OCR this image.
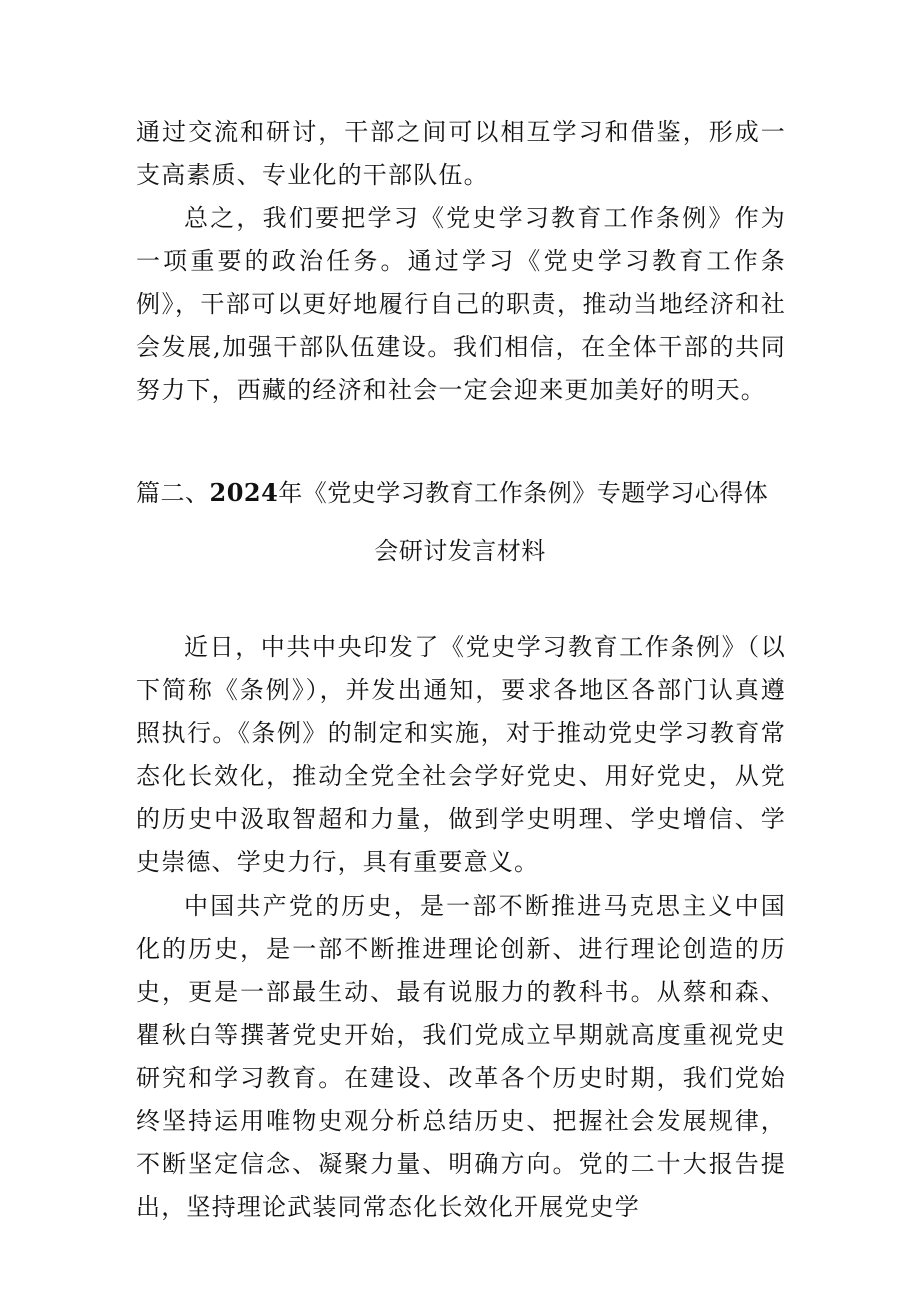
通过交流和研讨，干部之间可以相互学习和借鉴，形成一支高素质、专业化的干部队伍。

总之，我们要把学习《党史学习教育工作条例》作为一项重要的政治任务。通过学习《党史学习教育工作条例》，干部可以更好地履行自己的职责，推动当地经济和社会发展,加强干部队伍建设。我们相信，在全体干部的共同努力下，西藏的经济和社会一定会迎来更加美好的明天。

篇二、2024年《党史学习教育工作条例》专题学习心得体
会研讨发言材料

近日，中共中央印发了《党史学习教育工作条例》（以下简称《条例》），并发出通知，要求各地区各部门认真遵照执行。《条例》的制定和实施，对于推动党史学习教育常态化长效化，推动全党全社会学好党史、用好党史，从党的历史中汲取智超和力量，做到学史明理、学史增信、学史崇德、学史力行，具有重要意义。

中国共产党的历史，是一部不断推进马克思主义中国化的历史，是一部不断推进理论创新、进行理论创造的历史，更是一部最生动、最有说服力的教科书。从蔡和森、瞿秋白等撰著党史开始，我们党成立早期就高度重视党史研究和学习教育。在建设、改革各个历史时期，我们党始终坚持运用唯物史观分析总结历史、把握社会发展规律，不断坚定信念、凝聚力量、明确方向。党的二十大报告提出，坚持理论武装同常态化长效化开展党史学
